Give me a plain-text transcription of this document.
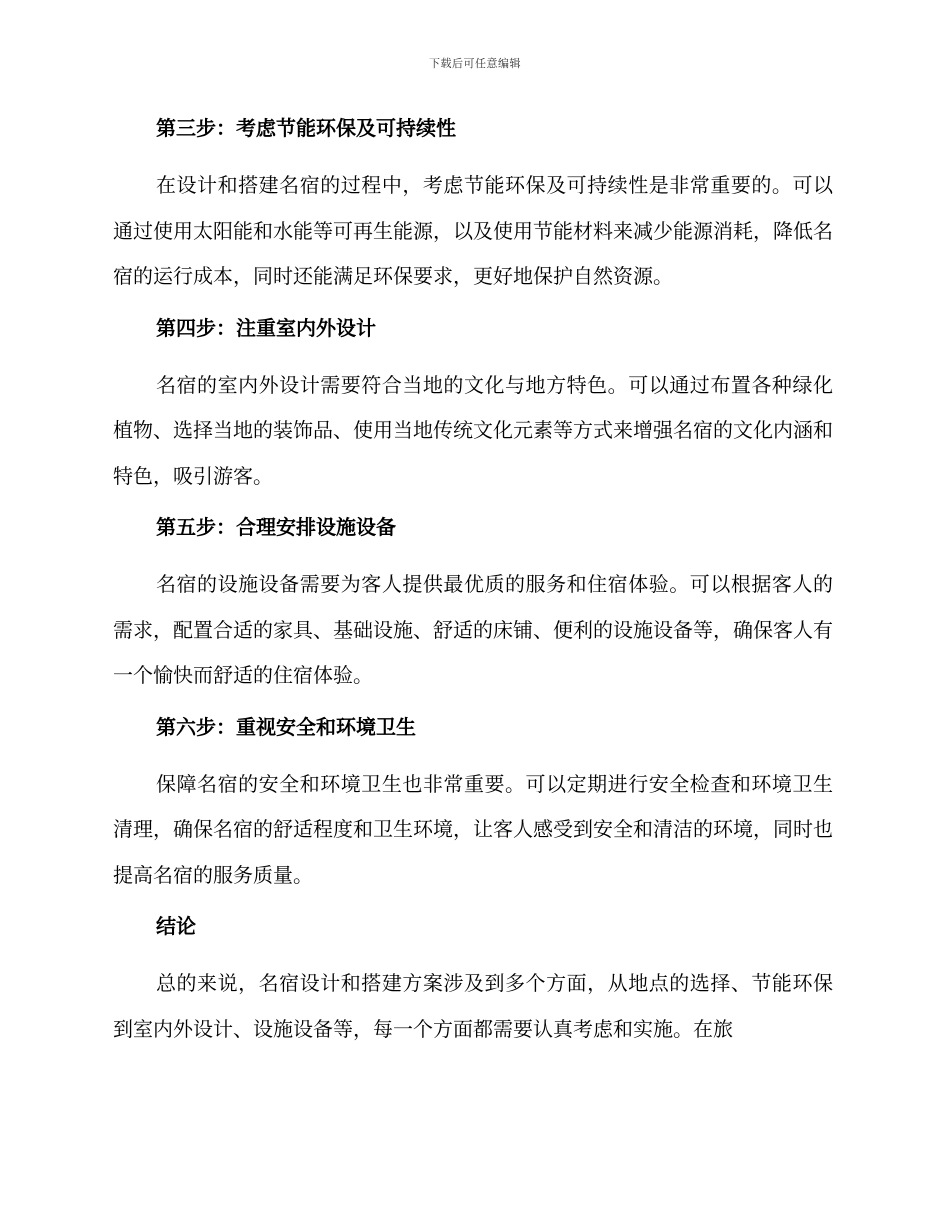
下载后可任意编辑
第三步：考虑节能环保及可持续性

在设计和搭建名宿的过程中，考虑节能环保及可持续性是非常重要的。可以通过使用太阳能和水能等可再生能源，以及使用节能材料来减少能源消耗，降低名宿的运行成本，同时还能满足环保要求，更好地保护自然资源。

第四步：注重室内外设计

名宿的室内外设计需要符合当地的文化与地方特色。可以通过布置各种绿化植物、选择当地的装饰品、使用当地传统文化元素等方式来增强名宿的文化内涵和特色，吸引游客。

第五步：合理安排设施设备

名宿的设施设备需要为客人提供最优质的服务和住宿体验。可以根据客人的需求，配置合适的家具、基础设施、舒适的床铺、便利的设施设备等，确保客人有一个愉快而舒适的住宿体验。

第六步：重视安全和环境卫生

保障名宿的安全和环境卫生也非常重要。可以定期进行安全检查和环境卫生清理，确保名宿的舒适程度和卫生环境，让客人感受到安全和清洁的环境，同时也提高名宿的服务质量。

结论

总的来说，名宿设计和搭建方案涉及到多个方面，从地点的选择、节能环保到室内外设计、设施设备等，每一个方面都需要认真考虑和实施。在旅
